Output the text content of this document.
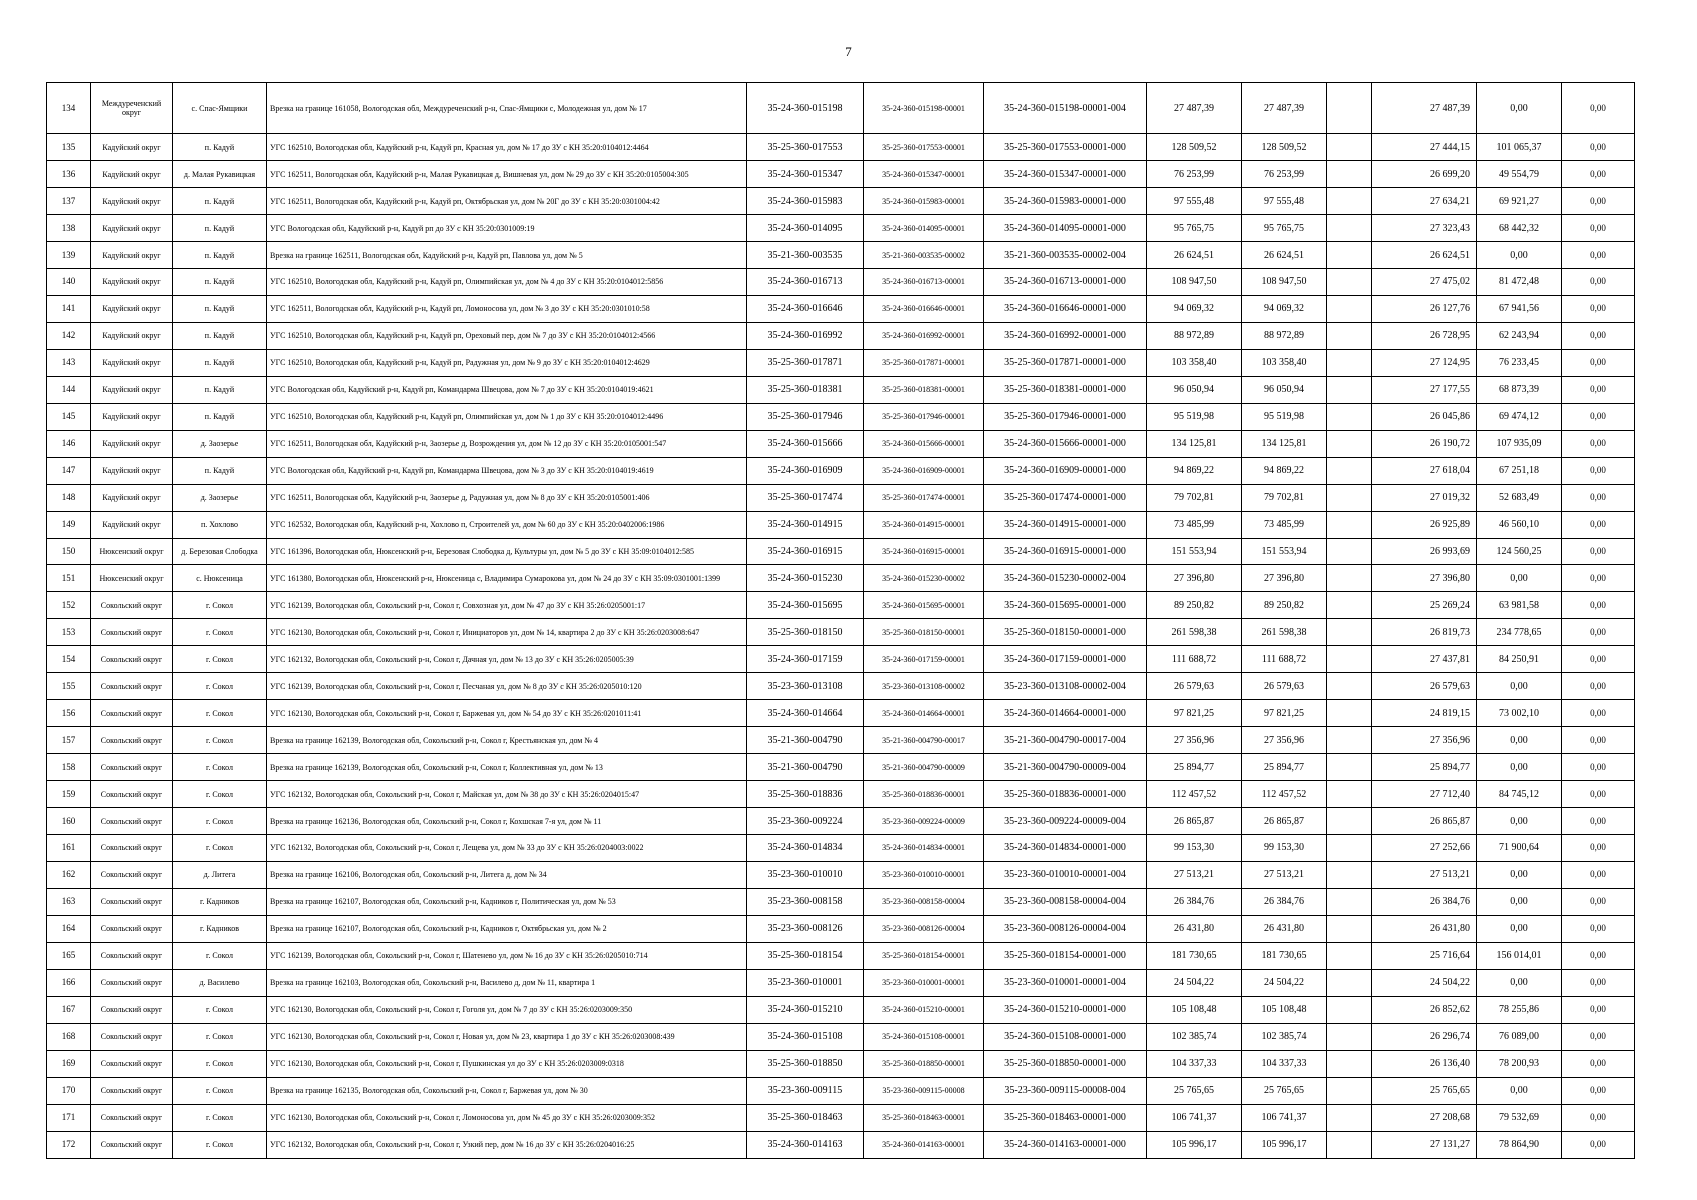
7
134	Междуреченский округ	с. Спас-Ямщики	Врезка на границе 161058, Вологодская обл, Междуреченский р-н, Спас-Ямщики с, Молодежная ул, дом № 17	35-24-360-015198	35-24-360-015198-00001	35-24-360-015198-00001-004	27 487,39	27 487,39		27 487,39	0,00	0,00
135	Кадуйский округ	п. Кадуй	УГС 162510, Вологодская обл, Кадуйский р-н, Кадуй рп, Красная ул, дом № 17 до ЗУ с КН 35:20:0104012:4464	35-25-360-017553	35-25-360-017553-00001	35-25-360-017553-00001-000	128 509,52	128 509,52		27 444,15	101 065,37	0,00
136	Кадуйский округ	д. Малая Рукавицкая	УГС 162511, Вологодская обл, Кадуйский р-н, Малая Рукавицкая д, Вишневая ул, дом № 29 до ЗУ с КН 35:20:0105004:305	35-24-360-015347	35-24-360-015347-00001	35-24-360-015347-00001-000	76 253,99	76 253,99		26 699,20	49 554,79	0,00
137	Кадуйский округ	п. Кадуй	УГС 162511, Вологодская обл, Кадуйский р-н, Кадуй рп, Октябрьская ул, дом № 20Г до ЗУ с КН 35:20:0301004:42	35-24-360-015983	35-24-360-015983-00001	35-24-360-015983-00001-000	97 555,48	97 555,48		27 634,21	69 921,27	0,00
138	Кадуйский округ	п. Кадуй	УГС Вологодская обл, Кадуйский р-н, Кадуй рп до ЗУ с КН 35:20:0301009:19	35-24-360-014095	35-24-360-014095-00001	35-24-360-014095-00001-000	95 765,75	95 765,75		27 323,43	68 442,32	0,00
139	Кадуйский округ	п. Кадуй	Врезка на границе 162511, Вологодская обл, Кадуйский р-н, Кадуй рп, Павлова ул, дом № 5	35-21-360-003535	35-21-360-003535-00002	35-21-360-003535-00002-004	26 624,51	26 624,51		26 624,51	0,00	0,00
140	Кадуйский округ	п. Кадуй	УГС 162510, Вологодская обл, Кадуйский р-н, Кадуй рп, Олимпийская ул, дом № 4 до ЗУ с КН 35:20:0104012:5856	35-24-360-016713	35-24-360-016713-00001	35-24-360-016713-00001-000	108 947,50	108 947,50		27 475,02	81 472,48	0,00
141	Кадуйский округ	п. Кадуй	УГС 162511, Вологодская обл, Кадуйский р-н, Кадуй рп, Ломоносова ул, дом № 3 до ЗУ с КН 35:20:0301010:58	35-24-360-016646	35-24-360-016646-00001	35-24-360-016646-00001-000	94 069,32	94 069,32		26 127,76	67 941,56	0,00
142	Кадуйский округ	п. Кадуй	УГС 162510, Вологодская обл, Кадуйский р-н, Кадуй рп, Ореховый пер, дом № 7 до ЗУ с КН 35:20:0104012:4566	35-24-360-016992	35-24-360-016992-00001	35-24-360-016992-00001-000	88 972,89	88 972,89		26 728,95	62 243,94	0,00
143	Кадуйский округ	п. Кадуй	УГС 162510, Вологодская обл, Кадуйский р-н, Кадуй рп, Радужная ул, дом № 9 до ЗУ с КН 35:20:0104012:4629	35-25-360-017871	35-25-360-017871-00001	35-25-360-017871-00001-000	103 358,40	103 358,40		27 124,95	76 233,45	0,00
144	Кадуйский округ	п. Кадуй	УГС Вологодская обл, Кадуйский р-н, Кадуй рп, Командарма Швецова, дом № 7 до ЗУ с КН 35:20:0104019:4621	35-25-360-018381	35-25-360-018381-00001	35-25-360-018381-00001-000	96 050,94	96 050,94		27 177,55	68 873,39	0,00
145	Кадуйский округ	п. Кадуй	УГС 162510, Вологодская обл, Кадуйский р-н, Кадуй рп, Олимпийская ул, дом № 1 до ЗУ с КН 35:20:0104012:4496	35-25-360-017946	35-25-360-017946-00001	35-25-360-017946-00001-000	95 519,98	95 519,98		26 045,86	69 474,12	0,00
146	Кадуйский округ	д. Заозерье	УГС 162511, Вологодская обл, Кадуйский р-н, Заозерье д, Возрождения ул, дом № 12 до ЗУ с КН 35:20:0105001:547	35-24-360-015666	35-24-360-015666-00001	35-24-360-015666-00001-000	134 125,81	134 125,81		26 190,72	107 935,09	0,00
147	Кадуйский округ	п. Кадуй	УГС Вологодская обл, Кадуйский р-н, Кадуй рп, Командарма Швецова, дом № 3 до ЗУ с КН 35:20:0104019:4619	35-24-360-016909	35-24-360-016909-00001	35-24-360-016909-00001-000	94 869,22	94 869,22		27 618,04	67 251,18	0,00
148	Кадуйский округ	д. Заозерье	УГС 162511, Вологодская обл, Кадуйский р-н, Заозерье д, Радужная ул, дом № 8 до ЗУ с КН 35:20:0105001:406	35-25-360-017474	35-25-360-017474-00001	35-25-360-017474-00001-000	79 702,81	79 702,81		27 019,32	52 683,49	0,00
149	Кадуйский округ	п. Хохлово	УГС 162532, Вологодская обл, Кадуйский р-н, Хохлово п, Строителей ул, дом № 60 до ЗУ с КН 35:20:0402006:1986	35-24-360-014915	35-24-360-014915-00001	35-24-360-014915-00001-000	73 485,99	73 485,99		26 925,89	46 560,10	0,00
150	Нюксенский округ	д. Березовая Слободка	УГС 161396, Вологодская обл, Нюксенский р-н, Березовая Слободка д, Культуры ул, дом № 5 до ЗУ с КН 35:09:0104012:585	35-24-360-016915	35-24-360-016915-00001	35-24-360-016915-00001-000	151 553,94	151 553,94		26 993,69	124 560,25	0,00
151	Нюксенский округ	с. Нюксеница	УГС 161380, Вологодская обл, Нюксенский р-н, Нюксеница с, Владимира Сумарокова ул, дом № 24 до ЗУ с КН 35:09:0301001:1399	35-24-360-015230	35-24-360-015230-00002	35-24-360-015230-00002-004	27 396,80	27 396,80		27 396,80	0,00	0,00
152	Сокольский округ	г. Сокол	УГС 162139, Вологодская обл, Сокольский р-н, Сокол г, Совхозная ул, дом № 47 до ЗУ с КН 35:26:0205001:17	35-24-360-015695	35-24-360-015695-00001	35-24-360-015695-00001-000	89 250,82	89 250,82		25 269,24	63 981,58	0,00
153	Сокольский округ	г. Сокол	УГС 162130, Вологодская обл, Сокольский р-н, Сокол г, Инициаторов ул, дом № 14, квартира 2 до ЗУ с КН 35:26:0203008:647	35-25-360-018150	35-25-360-018150-00001	35-25-360-018150-00001-000	261 598,38	261 598,38		26 819,73	234 778,65	0,00
154	Сокольский округ	г. Сокол	УГС 162132, Вологодская обл, Сокольский р-н, Сокол г, Дачная ул, дом № 13 до ЗУ с КН 35:26:0205005:39	35-24-360-017159	35-24-360-017159-00001	35-24-360-017159-00001-000	111 688,72	111 688,72		27 437,81	84 250,91	0,00
155	Сокольский округ	г. Сокол	УГС 162139, Вологодская обл, Сокольский р-н, Сокол г, Песчаная ул, дом № 8 до ЗУ с КН 35:26:0205010:120	35-23-360-013108	35-23-360-013108-00002	35-23-360-013108-00002-004	26 579,63	26 579,63		26 579,63	0,00	0,00
156	Сокольский округ	г. Сокол	УГС 162130, Вологодская обл, Сокольский р-н, Сокол г, Баржевая ул, дом № 54 до ЗУ с КН 35:26:0201011:41	35-24-360-014664	35-24-360-014664-00001	35-24-360-014664-00001-000	97 821,25	97 821,25		24 819,15	73 002,10	0,00
157	Сокольский округ	г. Сокол	Врезка на границе 162139, Вологодская обл, Сокольский р-н, Сокол г, Крестьянская ул, дом № 4	35-21-360-004790	35-21-360-004790-00017	35-21-360-004790-00017-004	27 356,96	27 356,96		27 356,96	0,00	0,00
158	Сокольский округ	г. Сокол	Врезка на границе 162139, Вологодская обл, Сокольский р-н, Сокол г, Коллективная ул, дом № 13	35-21-360-004790	35-21-360-004790-00009	35-21-360-004790-00009-004	25 894,77	25 894,77		25 894,77	0,00	0,00
159	Сокольский округ	г. Сокол	УГС 162132, Вологодская обл, Сокольский р-н, Сокол г, Майская ул, дом № 38 до ЗУ с КН 35:26:0204015:47	35-25-360-018836	35-25-360-018836-00001	35-25-360-018836-00001-000	112 457,52	112 457,52		27 712,40	84 745,12	0,00
160	Сокольский округ	г. Сокол	Врезка на границе 162136, Вологодская обл, Сокольский р-н, Сокол г, Кохшская 7-я ул, дом № 11	35-23-360-009224	35-23-360-009224-00009	35-23-360-009224-00009-004	26 865,87	26 865,87		26 865,87	0,00	0,00
161	Сокольский округ	г. Сокол	УГС 162132, Вологодская обл, Сокольский р-н, Сокол г, Лещева ул, дом № 33 до ЗУ с КН 35:26:0204003:0022	35-24-360-014834	35-24-360-014834-00001	35-24-360-014834-00001-000	99 153,30	99 153,30		27 252,66	71 900,64	0,00
162	Сокольский округ	д. Литега	Врезка на границе 162106, Вологодская обл, Сокольский р-н, Литега д, дом № 34	35-23-360-010010	35-23-360-010010-00001	35-23-360-010010-00001-004	27 513,21	27 513,21		27 513,21	0,00	0,00
163	Сокольский округ	г. Кадников	Врезка на границе 162107, Вологодская обл, Сокольский р-н, Кадников г, Политическая ул, дом № 53	35-23-360-008158	35-23-360-008158-00004	35-23-360-008158-00004-004	26 384,76	26 384,76		26 384,76	0,00	0,00
164	Сокольский округ	г. Кадников	Врезка на границе 162107, Вологодская обл, Сокольский р-н, Кадников г, Октябрьская ул, дом № 2	35-23-360-008126	35-23-360-008126-00004	35-23-360-008126-00004-004	26 431,80	26 431,80		26 431,80	0,00	0,00
165	Сокольский округ	г. Сокол	УГС 162139, Вологодская обл, Сокольский р-н, Сокол г, Шатенево ул, дом № 16 до ЗУ с КН 35:26:0205010:714	35-25-360-018154	35-25-360-018154-00001	35-25-360-018154-00001-000	181 730,65	181 730,65		25 716,64	156 014,01	0,00
166	Сокольский округ	д. Василево	Врезка на границе 162103, Вологодская обл, Сокольский р-н, Василево д, дом № 11, квартира 1	35-23-360-010001	35-23-360-010001-00001	35-23-360-010001-00001-004	24 504,22	24 504,22		24 504,22	0,00	0,00
167	Сокольский округ	г. Сокол	УГС 162130, Вологодская обл, Сокольский р-н, Сокол г, Гоголя ул, дом № 7 до ЗУ с КН 35:26:0203009:350	35-24-360-015210	35-24-360-015210-00001	35-24-360-015210-00001-000	105 108,48	105 108,48		26 852,62	78 255,86	0,00
168	Сокольский округ	г. Сокол	УГС 162130, Вологодская обл, Сокольский р-н, Сокол г, Новая ул, дом № 23, квартира 1 до ЗУ с КН 35:26:0203008:439	35-24-360-015108	35-24-360-015108-00001	35-24-360-015108-00001-000	102 385,74	102 385,74		26 296,74	76 089,00	0,00
169	Сокольский округ	г. Сокол	УГС 162130, Вологодская обл, Сокольский р-н, Сокол г, Пушкинская ул до ЗУ с КН 35:26:0203009:0318	35-25-360-018850	35-25-360-018850-00001	35-25-360-018850-00001-000	104 337,33	104 337,33		26 136,40	78 200,93	0,00
170	Сокольский округ	г. Сокол	Врезка на границе 162135, Вологодская обл, Сокольский р-н, Сокол г, Баржевая ул, дом № 30	35-23-360-009115	35-23-360-009115-00008	35-23-360-009115-00008-004	25 765,65	25 765,65		25 765,65	0,00	0,00
171	Сокольский округ	г. Сокол	УГС 162130, Вологодская обл, Сокольский р-н, Сокол г, Ломоносова ул, дом № 45 до ЗУ с КН 35:26:0203009:352	35-25-360-018463	35-25-360-018463-00001	35-25-360-018463-00001-000	106 741,37	106 741,37		27 208,68	79 532,69	0,00
172	Сокольский округ	г. Сокол	УГС 162132, Вологодская обл, Сокольский р-н, Сокол г, Узкий пер, дом № 16 до ЗУ с КН 35:26:0204016:25	35-24-360-014163	35-24-360-014163-00001	35-24-360-014163-00001-000	105 996,17	105 996,17		27 131,27	78 864,90	0,00
